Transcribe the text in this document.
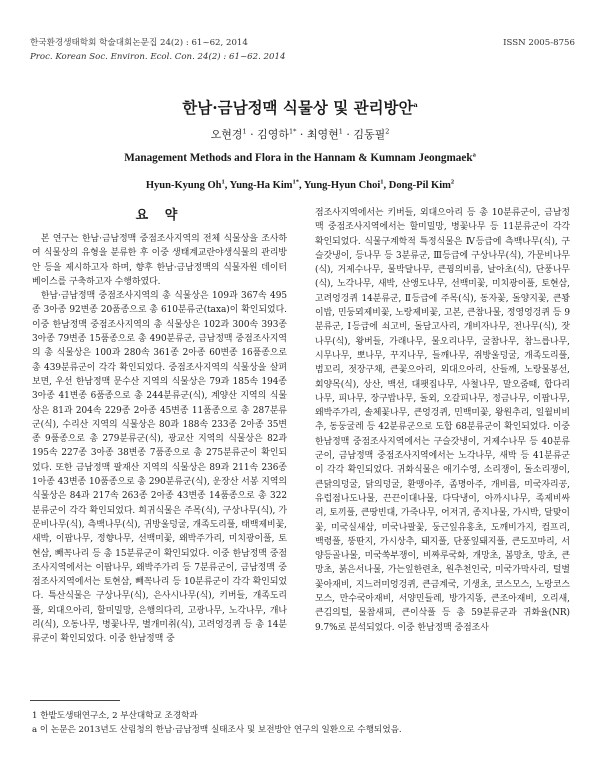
한국환경생태학회 학술대회논문집 24(2) : 61~62, 2014
Proc. Korean Soc. Environ. Ecol. Con. 24(2) : 61~62. 2014
ISSN 2005-8756
한남·금남정맥 식물상 및 관리방안$^a$
오현경$^1$ · 김영하$^{1*}$ · 최영현$^1$ · 김동필$^2$
Management Methods and Flora in the Hannam & Kumnam Jeongmaek$^a$
Hyun-Kyung Oh$^1$, Yung-Ha Kim$^{1*}$, Yung-Hyun Choi$^1$, Dong-Pil Kim$^2$
요 약

본 연구는 한남·금남정맥 중점조사지역의 전체 식물상을 조사하여 식물상의 유형을 분류한 후 이중 생태계교란야생식물의 관리방안 등을 제시하고자 하며, 향후 한남·금남정맥의 식물자원 데이터베이스를 구축하고자 수행하였다.

한남·금남정맥 중점조사지역의 총 식물상은 109과 367속 495종 3아종 92변종 20품종으로 총 610분류군(taxa)이 확인되었다. 이중 한남정맥 중점조사지역의 총 식물상은 102과 300속 393종 3아종 79변종 15품종으로 총 490분류군, 금남정맥 중점조사지역의 총 식물상은 100과 280속 361종 2아종 60변종 16품종으로 총 439분류군이 각각 확인되었다. 중점조사지역의 식물상을 살펴보면, 우선 한남정맥 문수산 지역의 식물상은 79과 185속 194종 3아종 41변종 6품종으로 총 244분류군(식), 계양산 지역의 식물상은 81과 204속 229종 2아종 45변종 11품종으로 총 287분류군(식), 수리산 지역의 식물상은 80과 188속 233종 2아종 35변종 9품종으로 총 279분류군(식), 광교산 지역의 식물상은 82과 195속 227종 3아종 38변종 7품종으로 총 275분류군이 확인되었다. 또한 금남정맥 팔재산 지역의 식물상은 89과 211속 236종 1아종 43변종 10품종으로 총 290분류군(식), 운장산 서봉 지역의 식물상은 84과 217속 263종 2아종 43변종 14품종으로 총 322분류군이 각각 확인되었다. 희귀식물은 주목(식), 구상나무(식), 가문비나무(식), 측백나무(식), 귀방울덩굴, 개족도리풀, 태백제비꽃, 새박, 이팝나무, 정향나무, 선백미꽃, 왜박주가리, 미치광이풀, 토현삼, 빼꼭나리 등 총 15분류군이 확인되었다. 이중 한남정맥 중점조사지역에서는 이팝나무, 왜박주가리 등 7분류군이, 금남정맥 중점조사지역에서는 토현삼, 빼꼭나리 등 10분류군이 각각 확인되었다. 특산식물은 구상나무(식), 은사시나무(식), 키버들, 개족도리풀, 외대으아리, 할미밀망, 은행의다리, 고광나무, 노각나무, 개나리(식), 오동나무, 병꽃나무, 별개미취(식), 고려엉겅퀴 등 총 14분류군이 확인되었다. 이중 한남정맥 중

점조사지역에서는 키버들, 외대으아리 등 총 10분류군이, 금남정맥 중점조사지역에서는 할미밀망, 병꽃나무 등 11분류군이 각각 확인되었다. 식물구계학적 특정식물은 Ⅳ등급에 측백나무(식), 구슬갓냉이, 등나무 등 3분류군, Ⅲ등급에 구상나무(식), 가문비나무(식), 거제수나무, 물박달나무, 큰꿩의비름, 날아초(식), 단풍나무(식), 노각나무, 새박, 산앵도나무, 선백미꽃, 미치광이풀, 토현삼, 고려엉겅퀴 14분류군, Ⅱ등급에 주목(식), 동자꽃, 돌양지꽃, 큰꽝이밥, 민둥뫼제비꽃, 노랑제비꽃, 고본, 큰참나물, 정영엉겅퀴 등 9분류군, Ⅰ등급에 쇠고비, 돌담고사리, 개비자나무, 전나무(식), 잣나무(식), 왕버들, 가래나무, 물오리나무, 굴참나무, 참느릅나무, 시무나무, 뽀나무, 꾸지나무, 들깨나무, 쥐방울덩굴, 개족도리풀, 범꼬리, 젓장구채, 큰꽃으아리, 외대으아리, 산들깨, 노랑물봉선, 회양목(식), 상산, 백선, 대팻집나무, 사철나무, 말오줌때, 합다리나무, 피나무, 장구밥나무, 돌외, 오갈피나무, 정금나무, 이팝나무, 왜박주가리, 솔체꽃나무, 큰엉겅퀴, 민백미꽃, 왕원추리, 일월비비추, 동둥굴레 등 42분류군으로 도합 68분류군이 확인되었다. 이중 한남정맥 중점조사지역에서는 구슬갓냉이, 거제수나무 등 40분류군이, 금남정맥 중점조사지역에서는 노각나무, 새박 등 41분류군이 각각 확인되었다. 귀화식물은 애기수영, 소리쟁이, 돌소리쟁이, 큰닭의덩굴, 닭의덩굴, 환맹아주, 좀명아주, 개비름, 미국자리공, 유럽점나도나물, 끈끈이대나물, 다닥냉이, 아까시나무, 족제비싸리, 토끼풀, 큰땅빈대, 가죽나무, 어저귀, 종지나물, 가시박, 달맞이꽃, 미국실새삼, 미국나팔꽃, 둥근잎유홍초, 도깨비가지, 컴프리, 백령풀, 뚱딴지, 가시상추, 돼지풀, 단풍잎돼지풀, 큰도꼬마리, 서양등골나물, 미국쑥부쟁이, 비짜루국화, 개망초, 봄망초, 망초, 큰망초, 붉은서나물, 가는잎한련초, 원추천인국, 미국가막사리, 털별꽃아재비, 지느러미엉겅퀴, 큰금계국, 기생초, 코스모스, 노랑코스모스, 만수국아재비, 서양민들레, 방가지똥, 큰조아재비, 오리새, 큰김의털, 물참새피, 큰이삭풀 등 총 59분류군과 귀화율(NR) 9.7%로 분석되었다. 이중 한남정맥 중점조사

1 한밭도생태연구소, 2 부산대학교 조경학과
a 이 논문은 2013년도 산림청의 한남·금남정맥 실태조사 및 보전방안 연구의 일환으로 수행되었음.
